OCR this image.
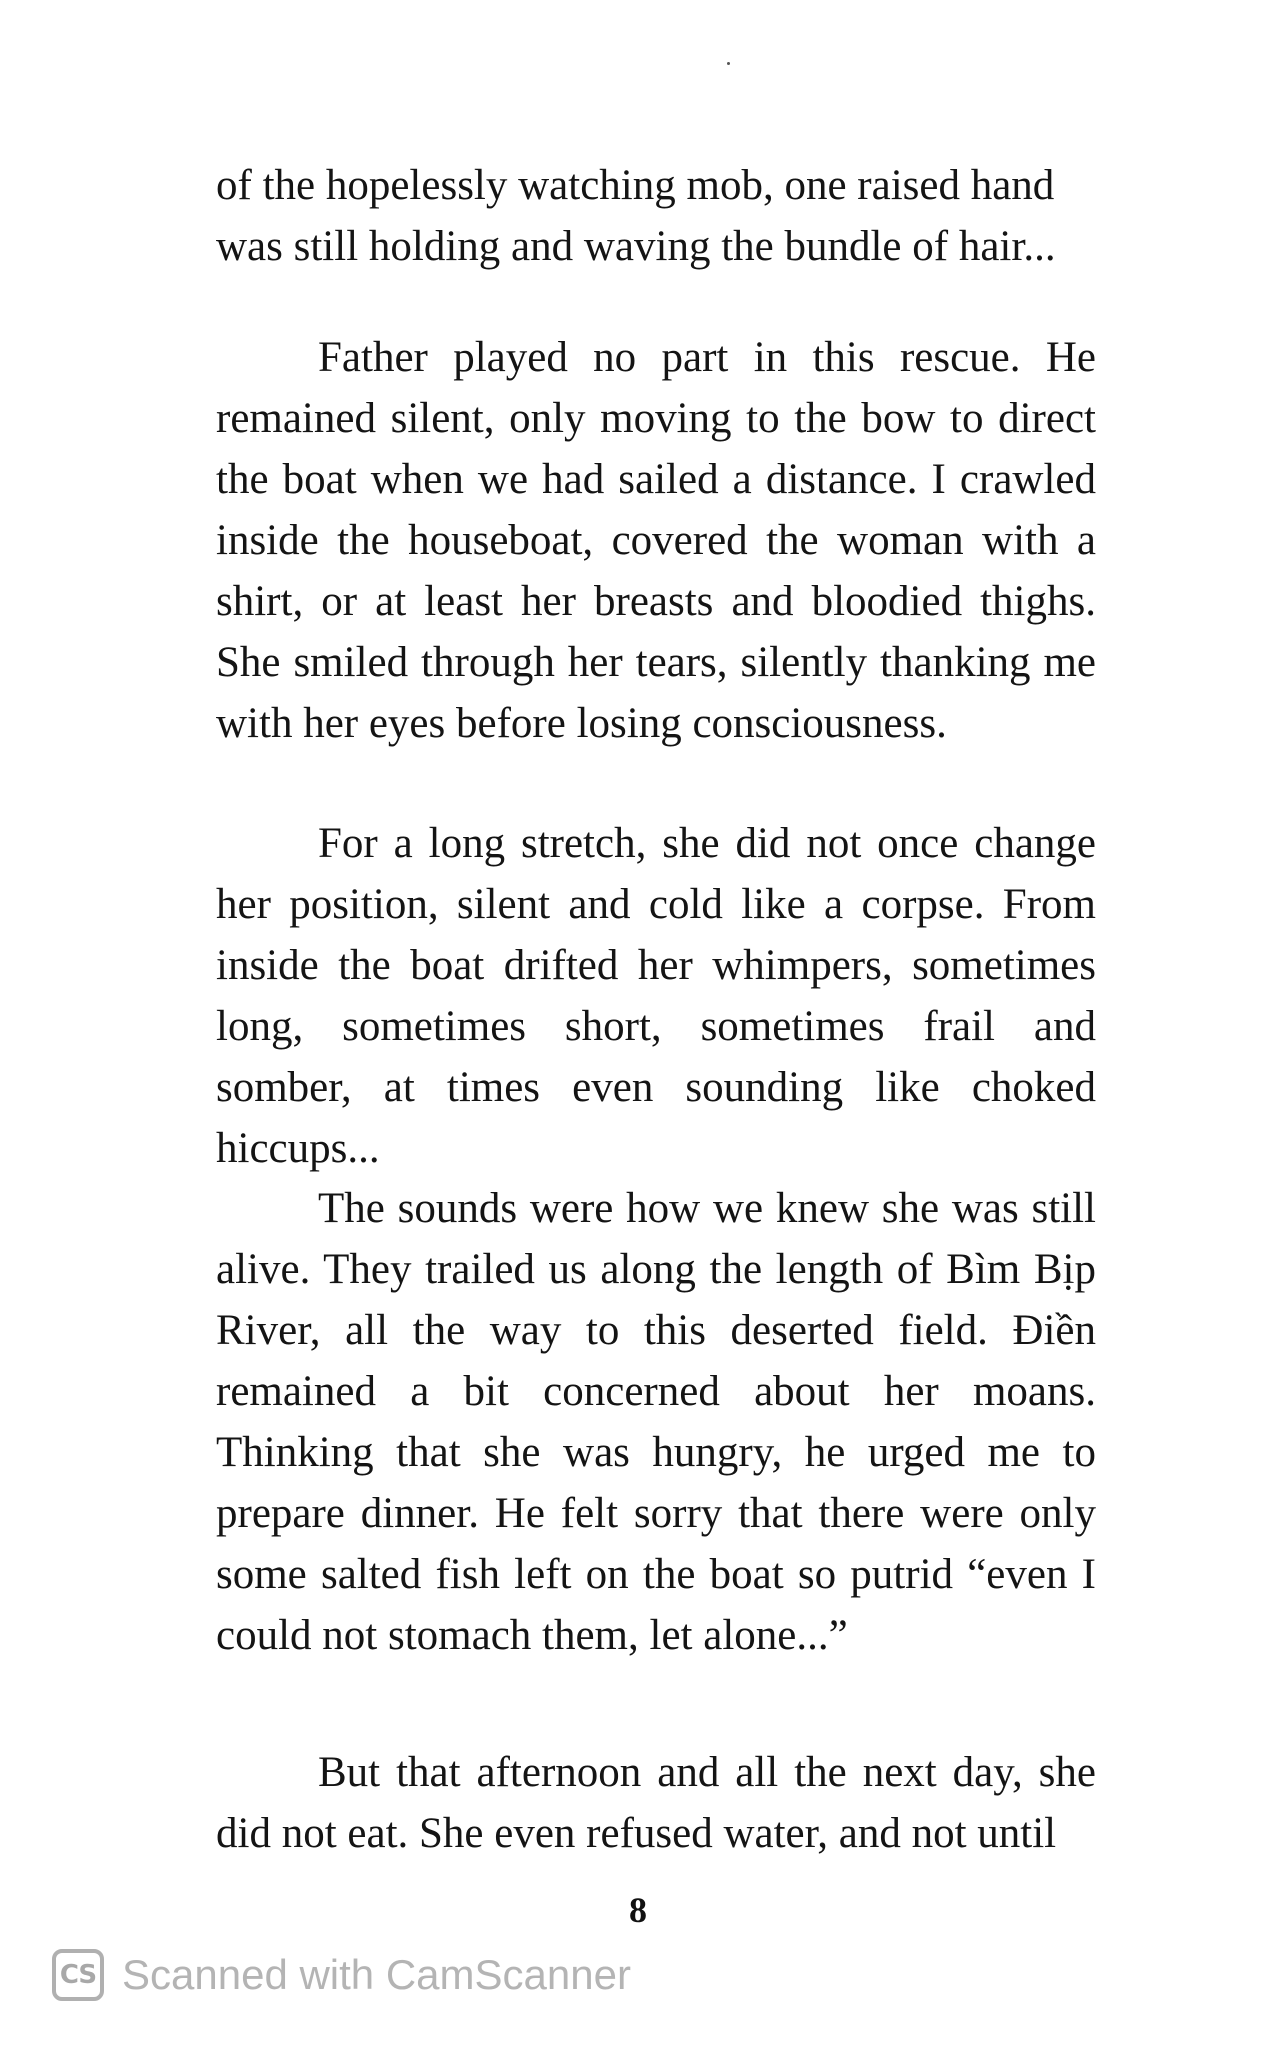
of the hopelessly watching mob, one raised hand was still holding and waving the bundle of hair...

Father played no part in this rescue. He remained silent, only moving to the bow to direct the boat when we had sailed a distance. I crawled inside the houseboat, covered the woman with a shirt, or at least her breasts and bloodied thighs. She smiled through her tears, silently thanking me with her eyes before losing consciousness.

For a long stretch, she did not once change her position, silent and cold like a corpse. From inside the boat drifted her whimpers, sometimes long, sometimes short, sometimes frail and somber, at times even sounding like choked hiccups...

The sounds were how we knew she was still alive. They trailed us along the length of Bìm Bịp River, all the way to this deserted field. Điền remained a bit concerned about her moans. Thinking that she was hungry, he urged me to prepare dinner. He felt sorry that there were only some salted fish left on the boat so putrid “even I could not stomach them, let alone...”

But that afternoon and all the next day, she did not eat. She even refused water, and not until

8
CS Scanned with CamScanner
